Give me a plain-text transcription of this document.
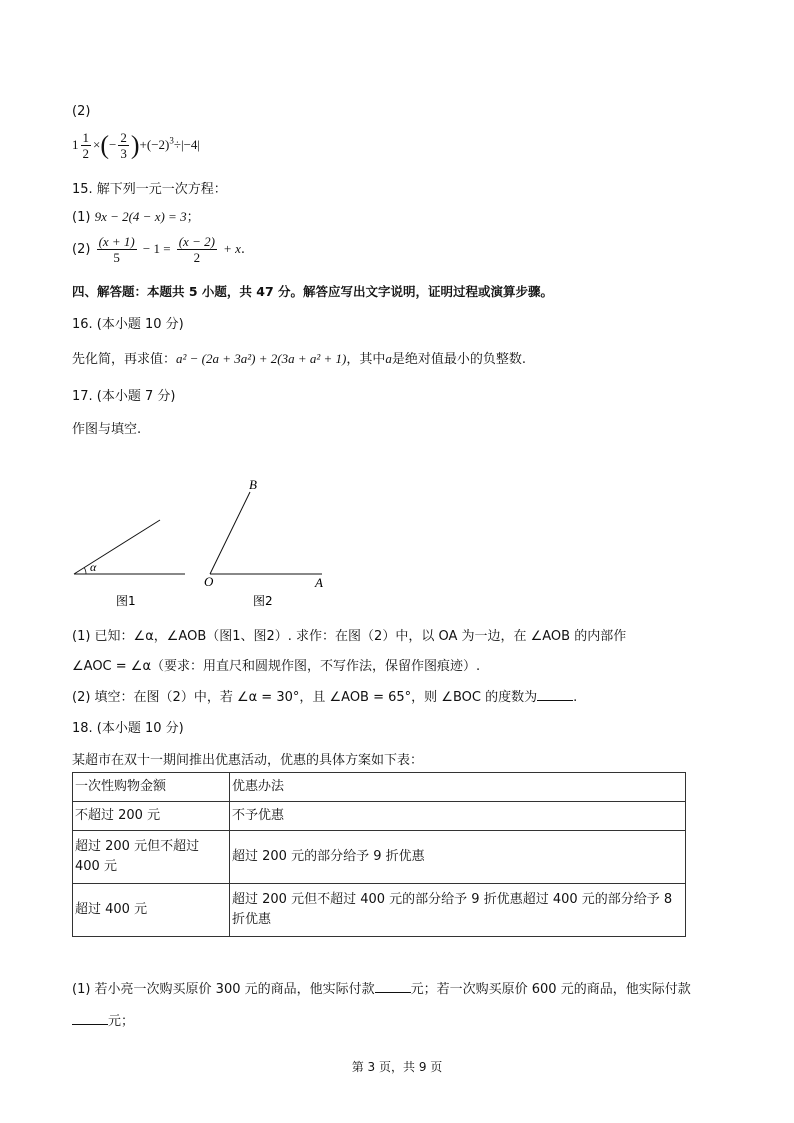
(2)
$1 \frac{1}{2}$ ×(− $\frac{2}{3} )+(-2)^3\div|-4|$
15. 解下列一元一次方程：
(1) 9x − 2(4 − x) = 3；
$(2) \frac{(x + 1)}{5} - 1 = \frac{(x - 2)}{2} + x$.
四、解答题：本题共 5 小题，共 47 分。解答应写出文字说明，证明过程或演算步骤。
16. (本小题 10 分)
先化简，再求值：a² − (2a + 3a²) + 2(3a + a² + 1)，其中a是绝对值最小的负整数.
17. (本小题 7 分)
作图与填空.
α
B
O	A
图1	图2
(1) 已知：∠α，∠AOB（图1、图2）. 求作：在图（2）中，以 OA 为一边，在 ∠AOB 的内部作
∠AOC = ∠α（要求：用直尺和圆规作图，不写作法，保留作图痕迹）.
(2) 填空：在图（2）中，若 ∠α = 30°，且 ∠AOB = 65°，则 ∠BOC 的度数为	.
18. (本小题 10 分)
某超市在双十一期间推出优惠活动，优惠的具体方案如下表：
一次性购物金额	优惠办法
不超过 200 元	不予优惠
超过 200 元但不超过 400 元	超过 200 元的部分给予 9 折优惠
超过 400 元	超过 200 元但不超过 400 元的部分给予 9 折优惠超过 400 元的部分给予 8 折优惠
(1) 若小亮一次购买原价 300 元的商品，他实际付款	元；若一次购买原价 600 元的商品，他实际付款
元；
第 3 页，共 9 页
